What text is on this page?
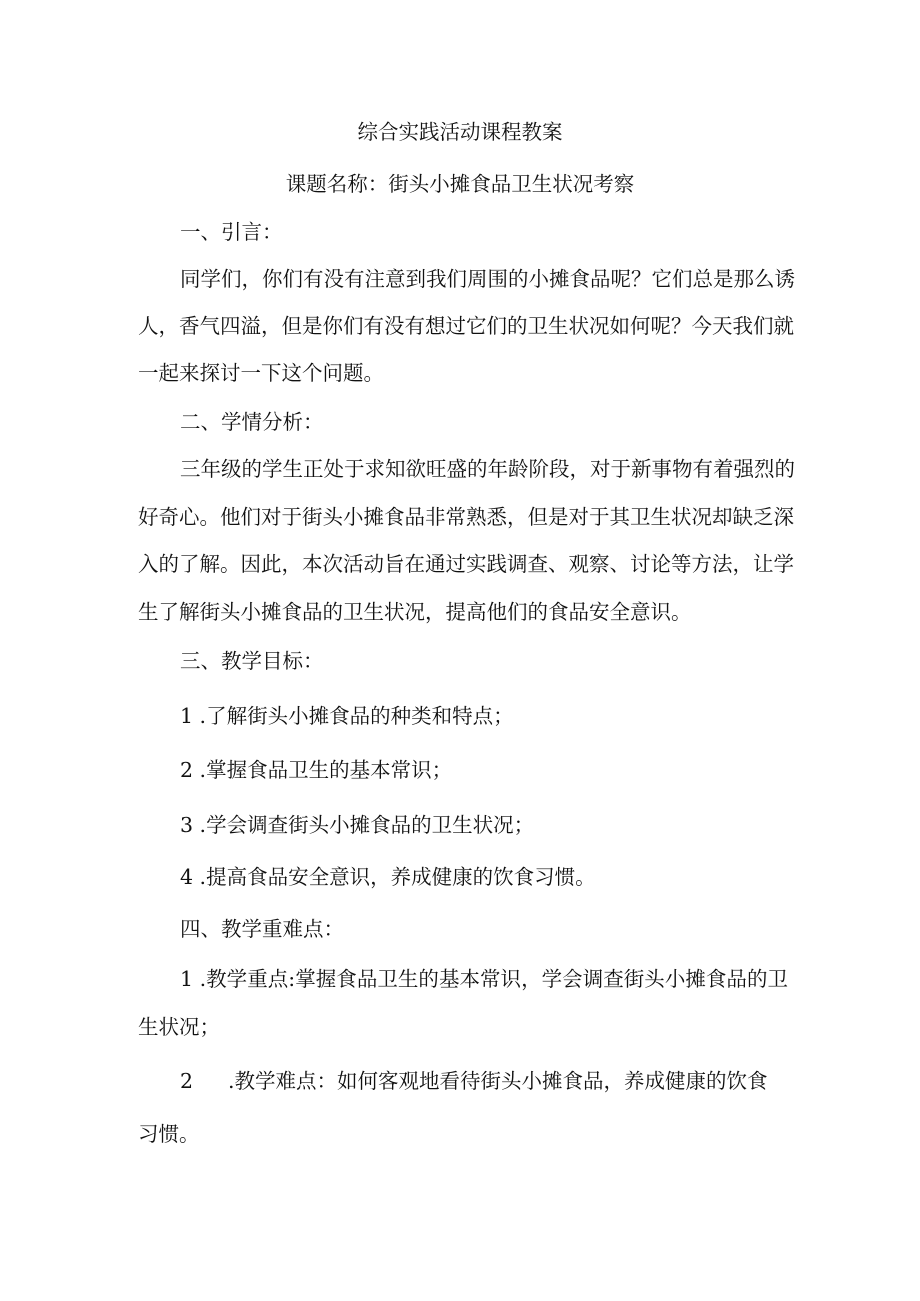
综合实践活动课程教案
课题名称：街头小摊食品卫生状况考察
一、引言：
同学们，你们有没有注意到我们周围的小摊食品呢？它们总是那么诱
人，香气四溢，但是你们有没有想过它们的卫生状况如何呢？今天我们就
一起来探讨一下这个问题。
二、学情分析：
三年级的学生正处于求知欲旺盛的年龄阶段，对于新事物有着强烈的
好奇心。他们对于街头小摊食品非常熟悉，但是对于其卫生状况却缺乏深
入的了解。因此，本次活动旨在通过实践调查、观察、讨论等方法，让学
生了解街头小摊食品的卫生状况，提高他们的食品安全意识。
三、教学目标：
1 .了解街头小摊食品的种类和特点；
2 .掌握食品卫生的基本常识；
3 .学会调查街头小摊食品的卫生状况；
4 .提高食品安全意识，养成健康的饮食习惯。
四、教学重难点：
1 .教学重点:掌握食品卫生的基本常识，学会调查街头小摊食品的卫
生状况；
2	.教学难点：如何客观地看待街头小摊食品，养成健康的饮食
习惯。
